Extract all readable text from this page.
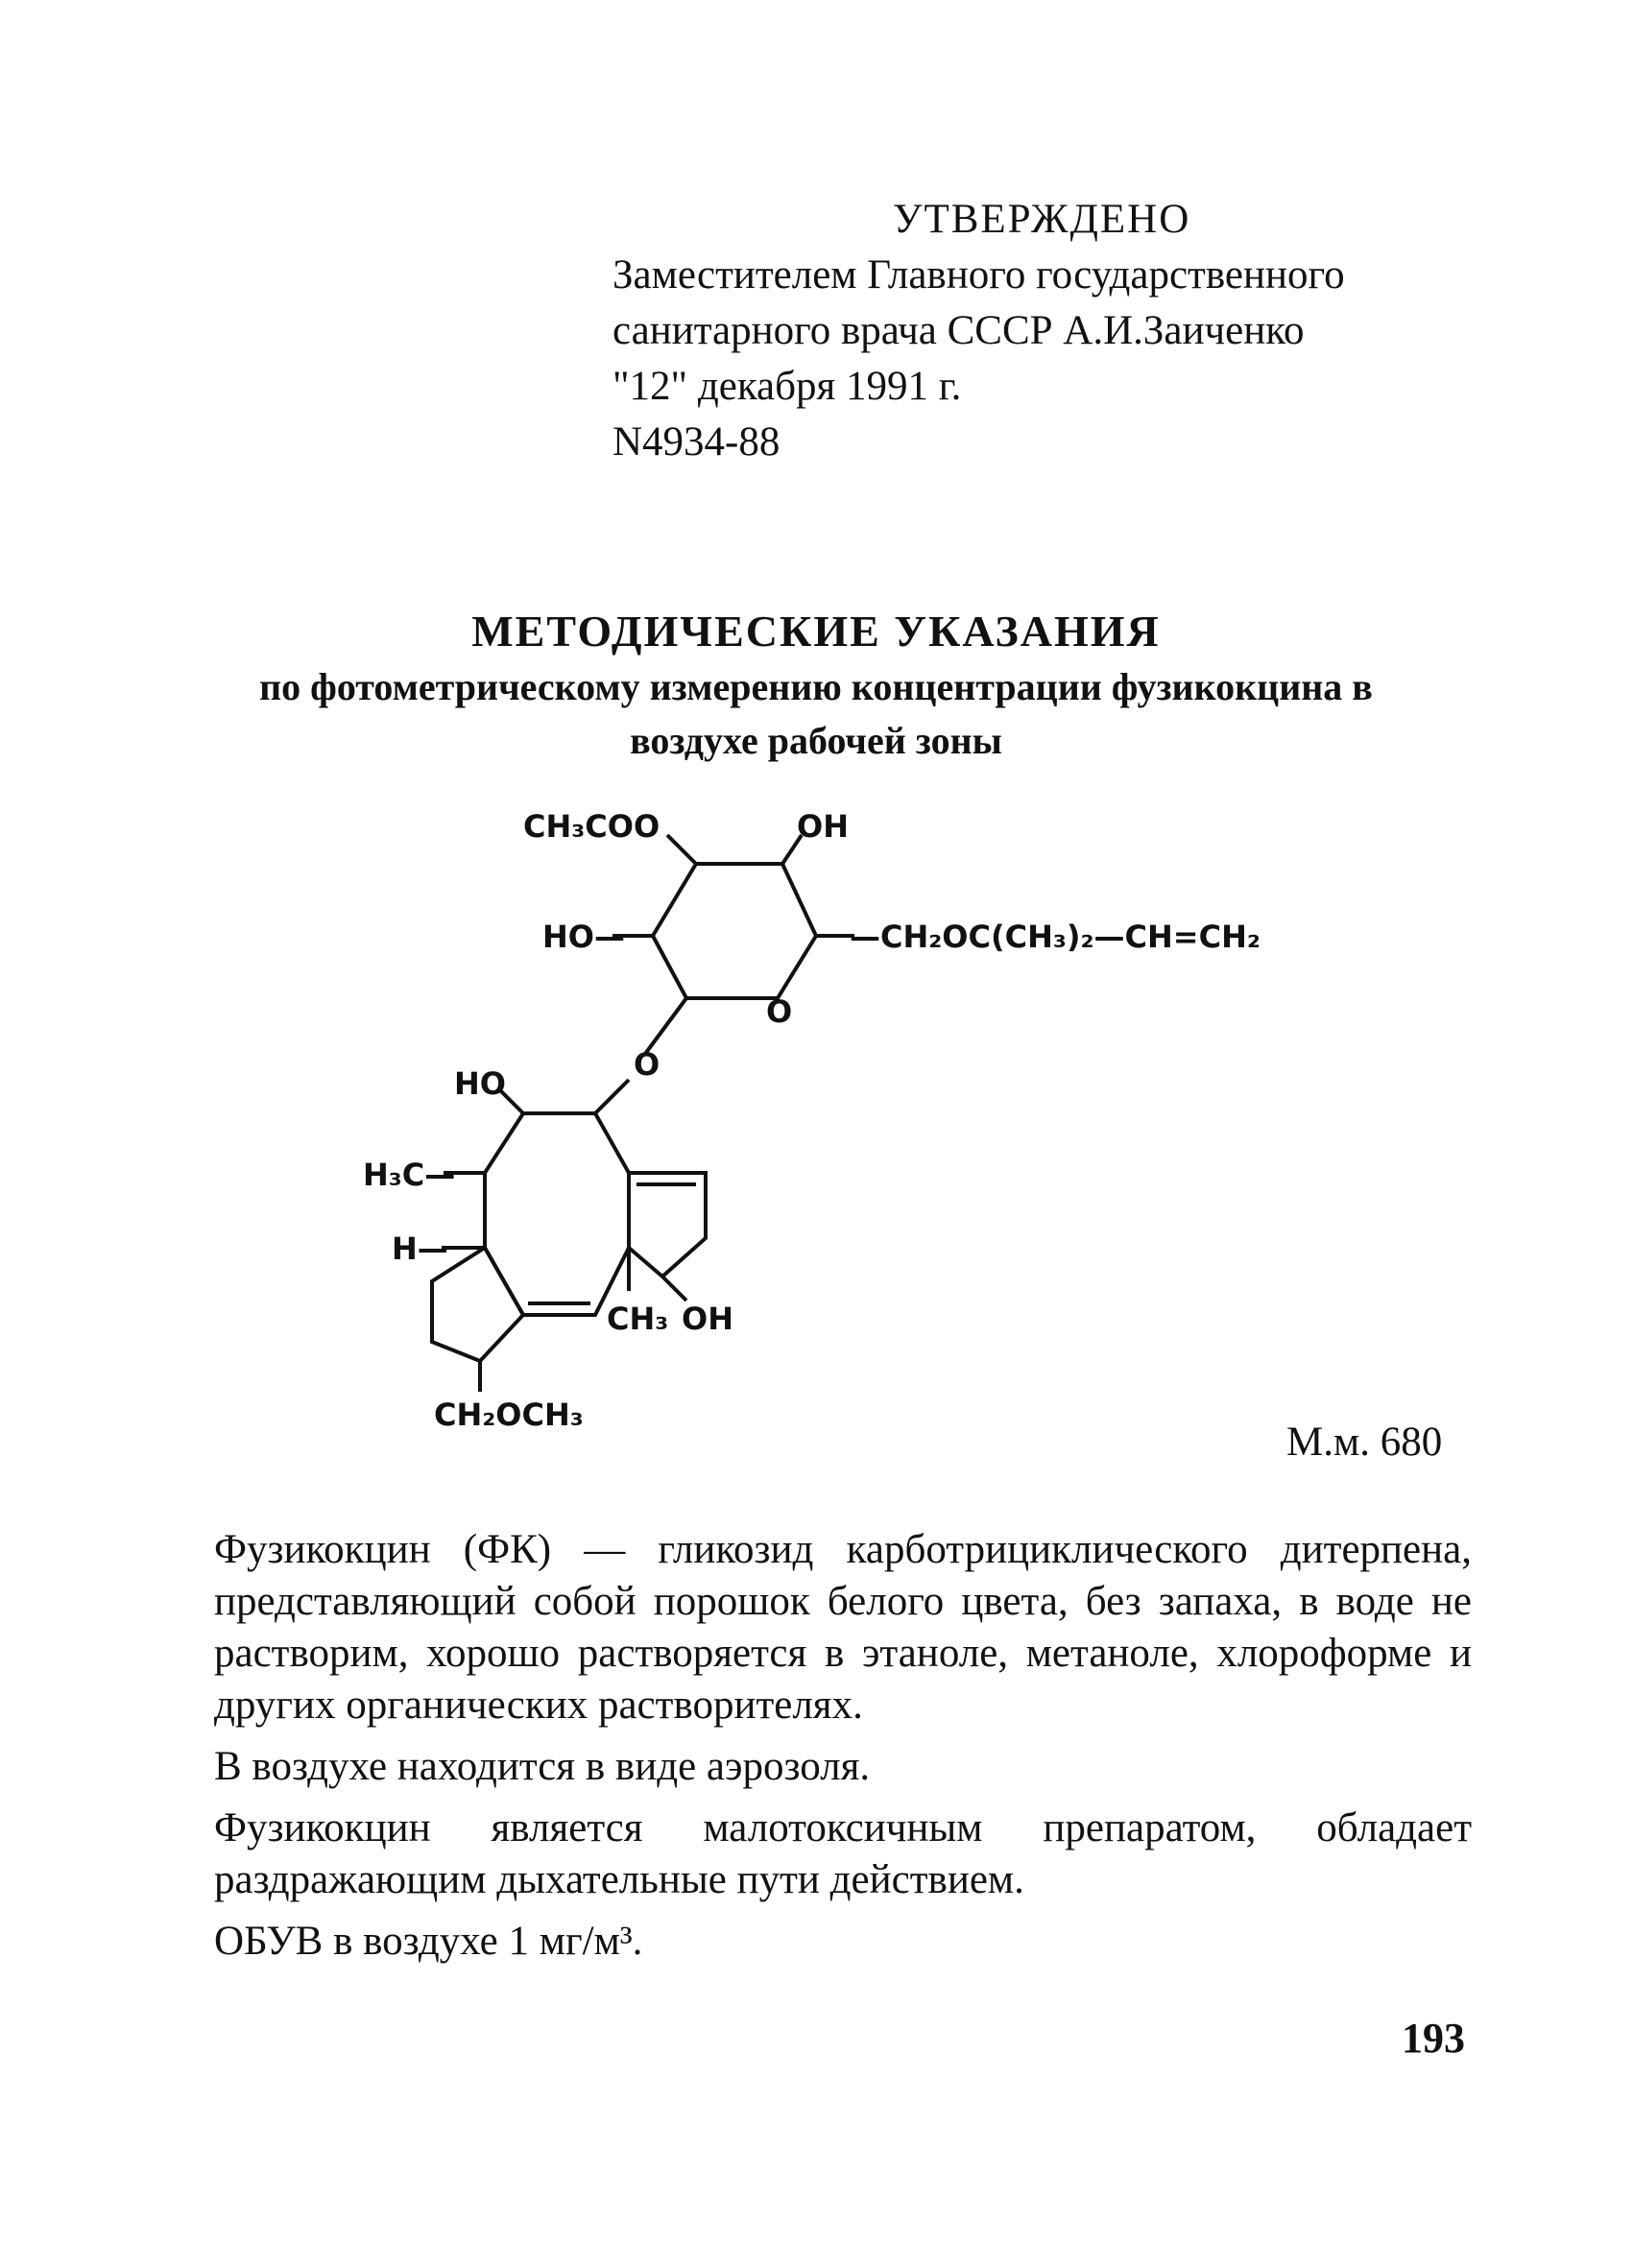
УТВЕРЖДЕНО
Заместителем Главного государственного
санитарного врача СССР А.И.Заиченко
"12" декабря 1991 г.
N4934-88
МЕТОДИЧЕСКИЕ УКАЗАНИЯ
по фотометрическому измерению концентрации фузикокцина в
воздухе рабочей зоны
CH₃COO	OH
HO—	—CH₂OC(CH₃)₂—CH=CH₂
O
O
HO
H₃C—
H—
CH₃ OH
CH₂OCH₃
М.м. 680

Фузикокцин (ФК) — гликозид карботрициклического дитерпена, представляющий собой порошок белого цвета, без запаха, в воде не растворим, хорошо растворяется в этаноле, метаноле, хлороформе и других органических растворителях.

В воздухе находится в виде аэрозоля.

Фузикокцин является малотоксичным препаратом, обладает раздражающим дыхательные пути действием.

ОБУВ в воздухе 1 мг/м³.

193
